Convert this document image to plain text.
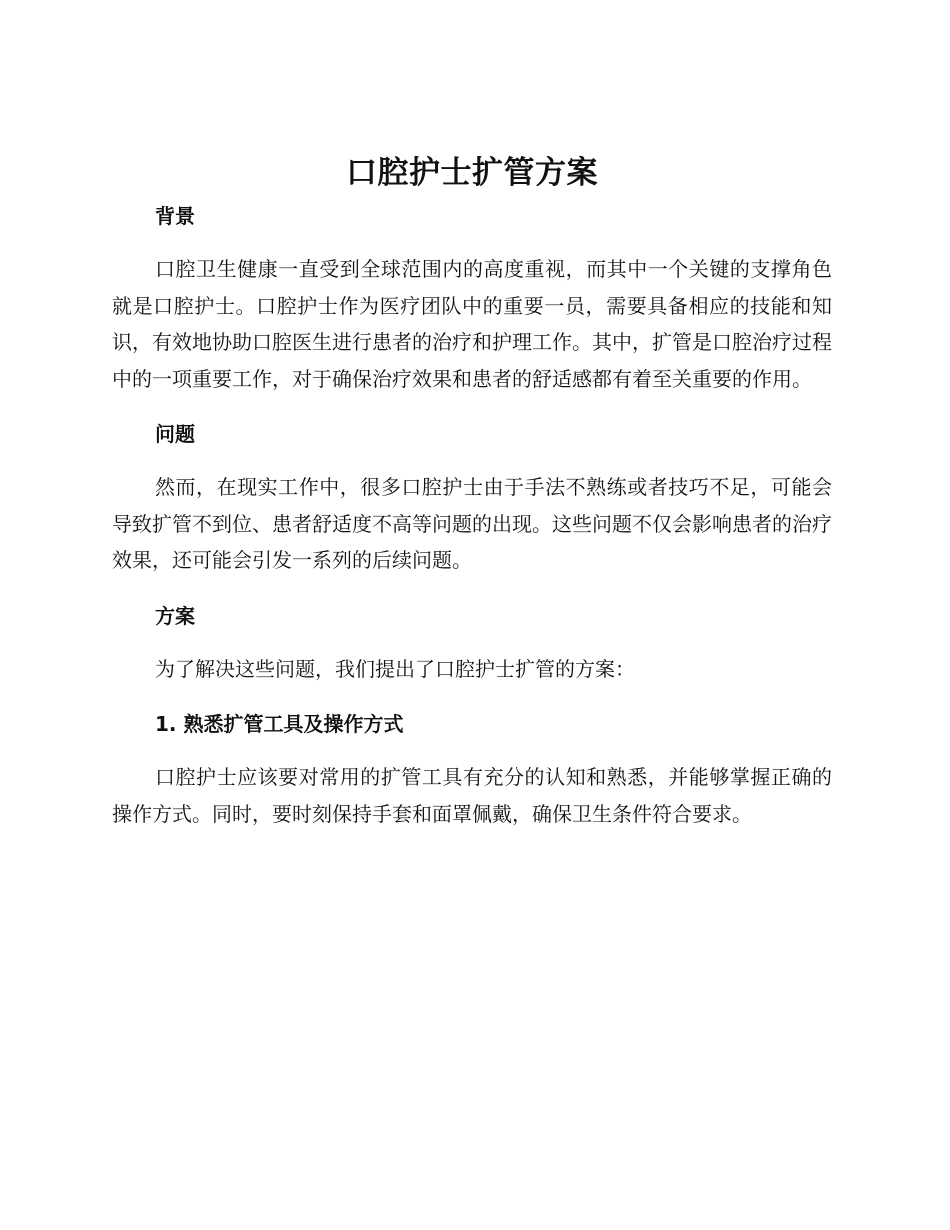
口腔护士扩管方案
背景

口腔卫生健康一直受到全球范围内的高度重视，而其中一个关键的支撑角色就是口腔护士。口腔护士作为医疗团队中的重要一员，需要具备相应的技能和知识，有效地协助口腔医生进行患者的治疗和护理工作。其中，扩管是口腔治疗过程中的一项重要工作，对于确保治疗效果和患者的舒适感都有着至关重要的作用。

问题

然而，在现实工作中，很多口腔护士由于手法不熟练或者技巧不足，可能会导致扩管不到位、患者舒适度不高等问题的出现。这些问题不仅会影响患者的治疗效果，还可能会引发一系列的后续问题。

方案

为了解决这些问题，我们提出了口腔护士扩管的方案：

1. 熟悉扩管工具及操作方式

口腔护士应该要对常用的扩管工具有充分的认知和熟悉，并能够掌握正确的操作方式。同时，要时刻保持手套和面罩佩戴，确保卫生条件符合要求。
